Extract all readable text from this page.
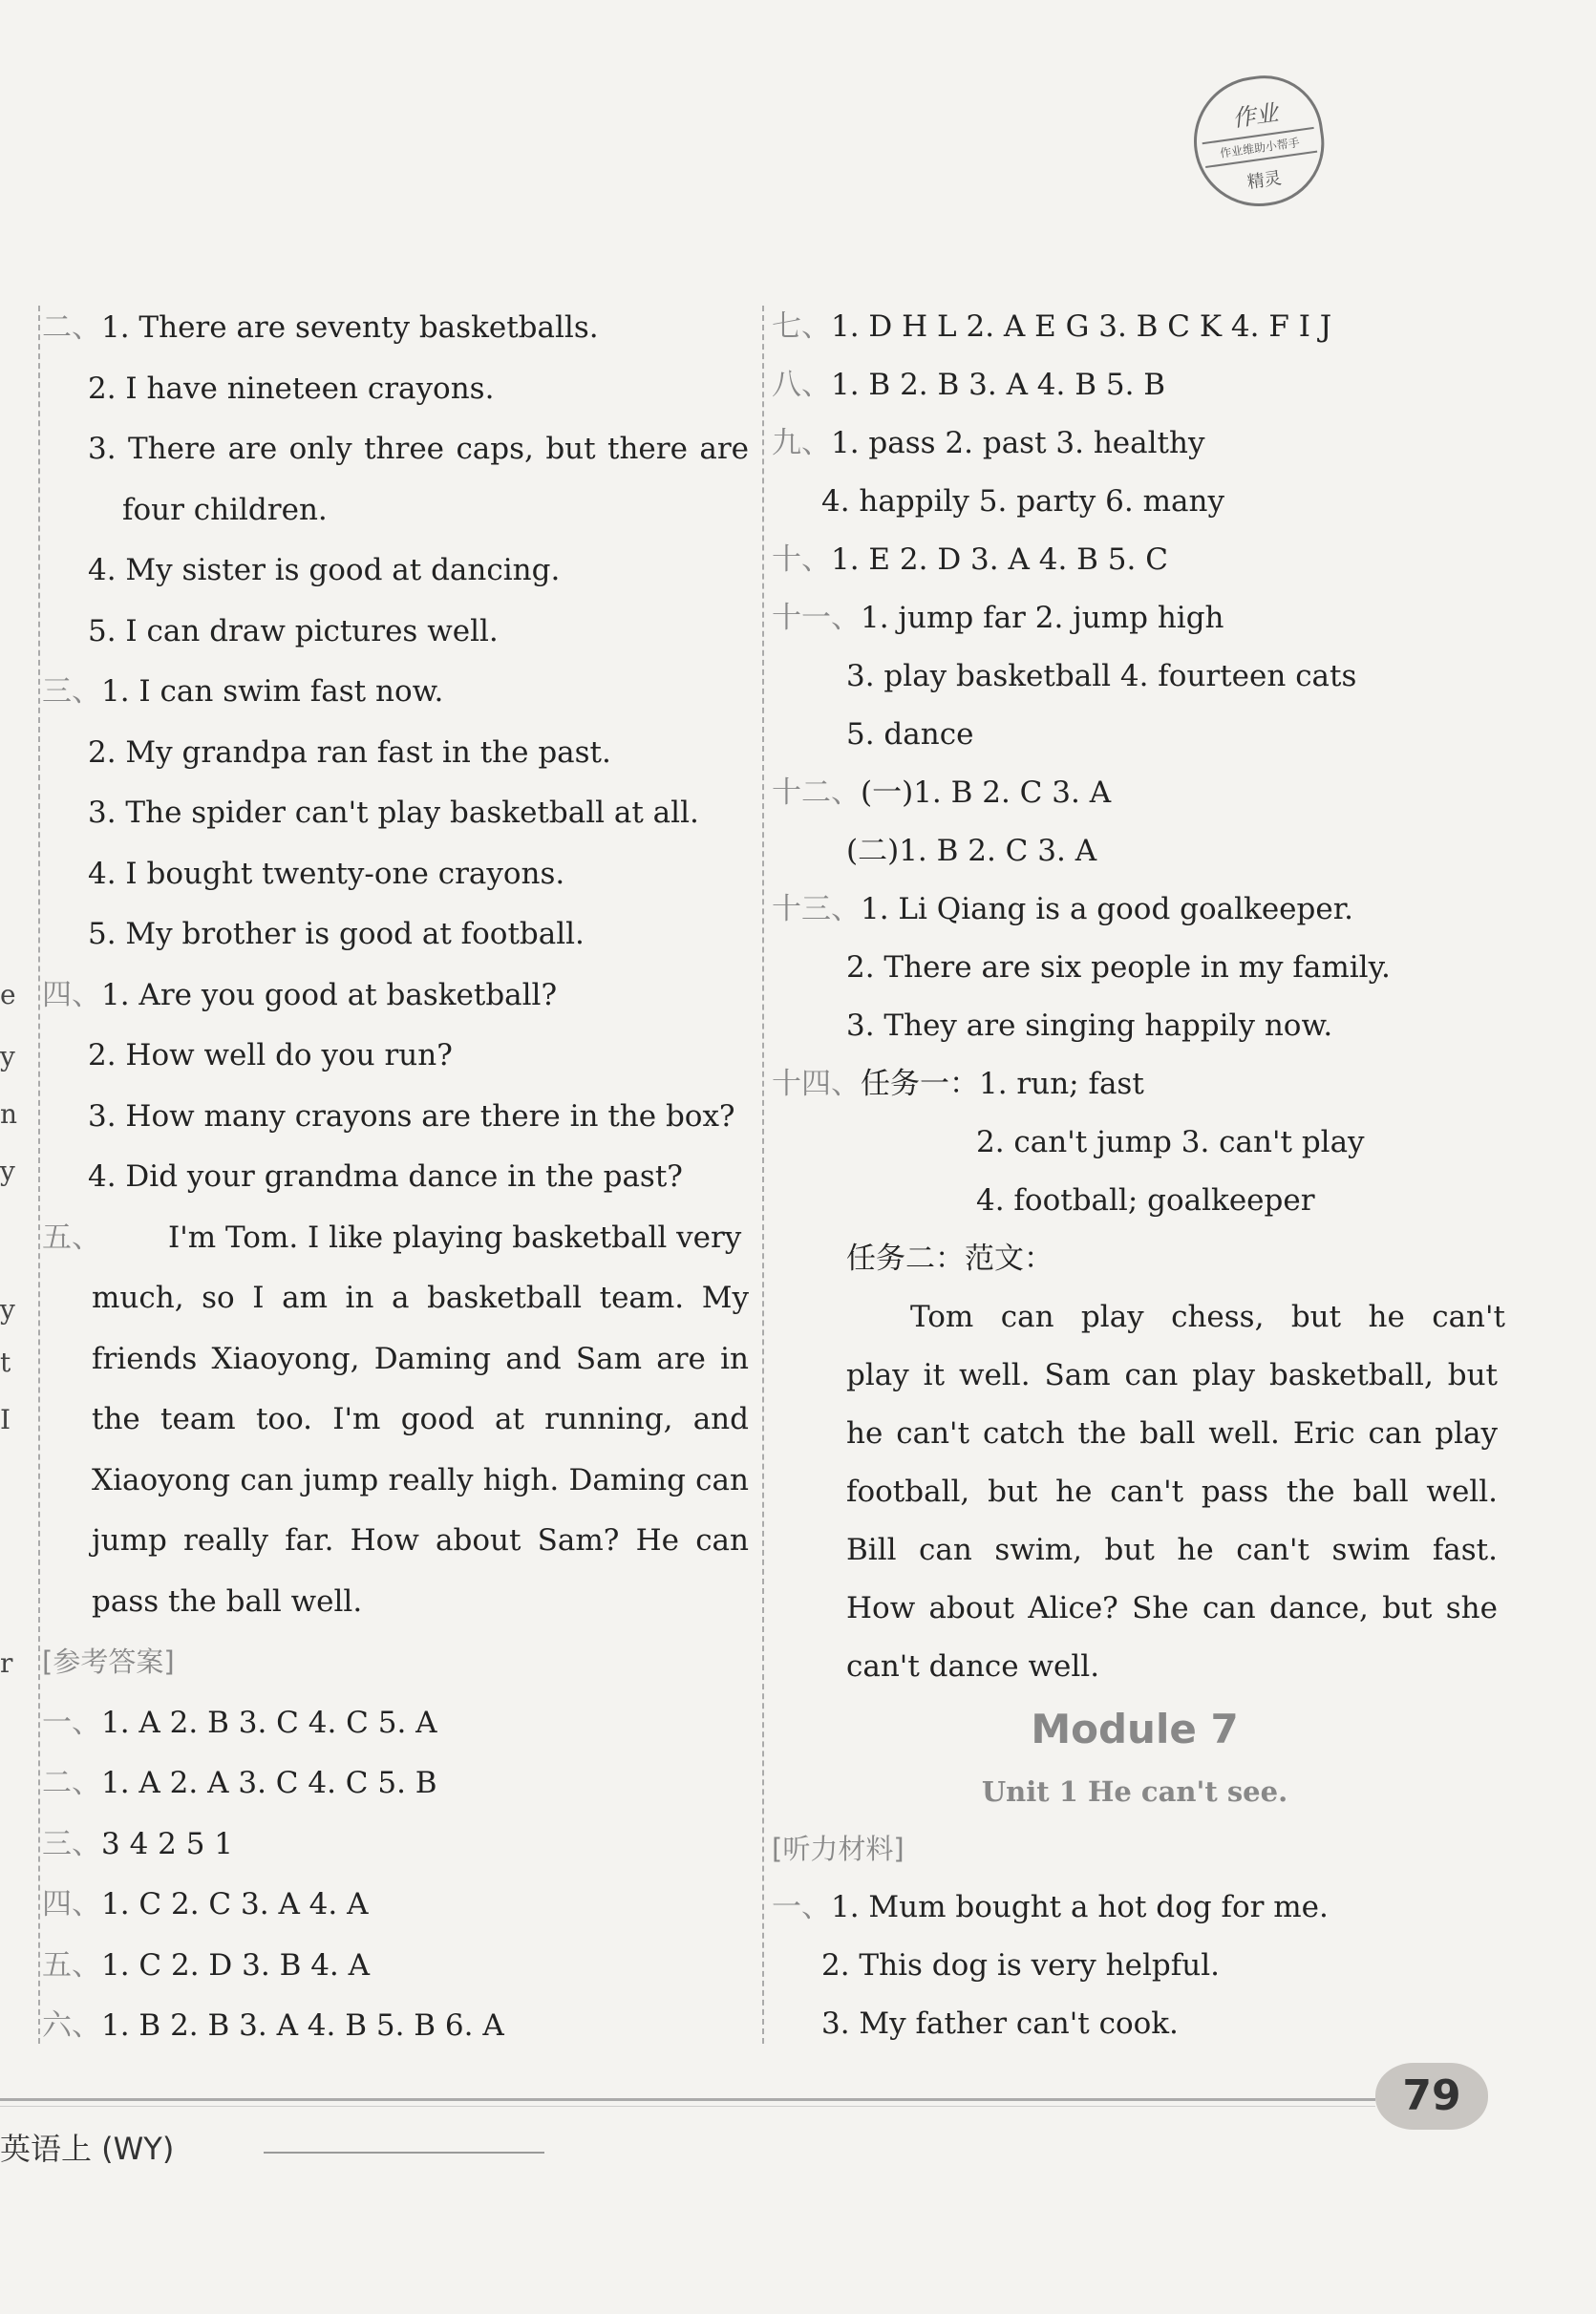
作业
作业维助小帮手
精灵
e
y
n
y
y
t
I
r
二、1. There are seventy basketballs.
2. I have nineteen crayons.
3. There are only three caps, but there are
four children.
4. My sister is good at dancing.
5. I can draw pictures well.
三、1. I can swim fast now.
2. My grandpa ran fast in the past.
3. The spider can't play basketball at all.
4. I bought twenty-one crayons.
5. My brother is good at football.
四、1. Are you good at basketball?
2. How well do you run?
3. How many crayons are there in the box?
4. Did your grandma dance in the past?
五、 I'm Tom. I like playing basketball very
much, so I am in a basketball team. My
friends Xiaoyong, Daming and Sam are in
the team too. I'm good at running, and
Xiaoyong can jump really high. Daming can
jump really far. How about Sam? He can
pass the ball well.
[参考答案]
一、1. A 2. B 3. C 4. C 5. A
二、1. A 2. A 3. C 4. C 5. B
三、3 4 2 5 1
四、1. C 2. C 3. A 4. A
五、1. C 2. D 3. B 4. A
六、1. B 2. B 3. A 4. B 5. B 6. A
七、1. D H L 2. A E G 3. B C K 4. F I J
八、1. B 2. B 3. A 4. B 5. B
九、1. pass 2. past 3. healthy
4. happily 5. party 6. many
十、1. E 2. D 3. A 4. B 5. C
十一、1. jump far 2. jump high
3. play basketball 4. fourteen cats
5. dance
十二、(一)1. B 2. C 3. A
(二)1. B 2. C 3. A
十三、1. Li Qiang is a good goalkeeper.
2. There are six people in my family.
3. They are singing happily now.
十四、任务一：1. run; fast
2. can't jump 3. can't play
4. football; goalkeeper
任务二：范文：
Tom can play chess, but he can't
play it well. Sam can play basketball, but
he can't catch the ball well. Eric can play
football, but he can't pass the ball well.
Bill can swim, but he can't swim fast.
How about Alice? She can dance, but she
can't dance well.
Module 7
Unit 1 He can't see.
[听力材料]
一、1. Mum bought a hot dog for me.
2. This dog is very helpful.
3. My father can't cook.
79
英语上 (WY)
